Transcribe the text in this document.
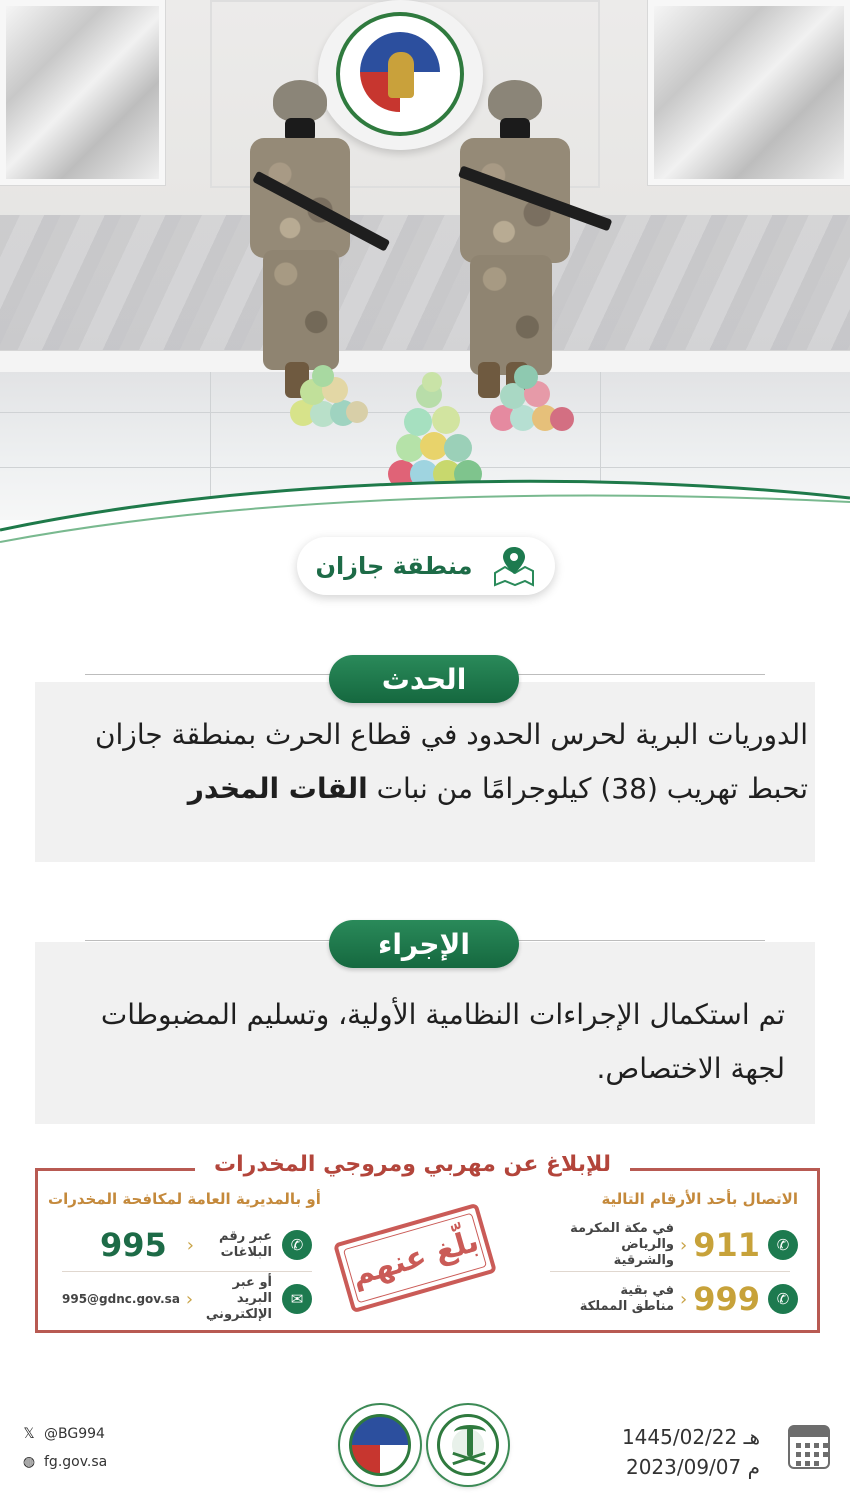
منطقة جازان
الحدث
الدوريات البرية لحرس الحدود في قطاع الحرث بمنطقة جازان
تحبط تهريب (38) كيلوجرامًا من نبات القات المخدر
الإجراء
تم استكمال الإجراءات النظامية الأولية، وتسليم المضبوطات
لجهة الاختصاص.
للإبلاغ عن مهربي ومروجي المخدرات
الاتصال بأحد الأرقام التالية
أو بالمديرية العامة لمكافحة المخدرات
✆
911
‹
في مكة المكرمة
والرياض والشرقية
✆
999
‹
في بقية
مناطق المملكة
✆
عبر رقم
البلاغات
‹
995
✉
أو عبر البريد
الإلكتروني
‹
995@gdnc.gov.sa
بلّغ عنهم
𝕏 @BG994
◍ fg.gov.sa
1445/02/22 هـ
2023/09/07 م
